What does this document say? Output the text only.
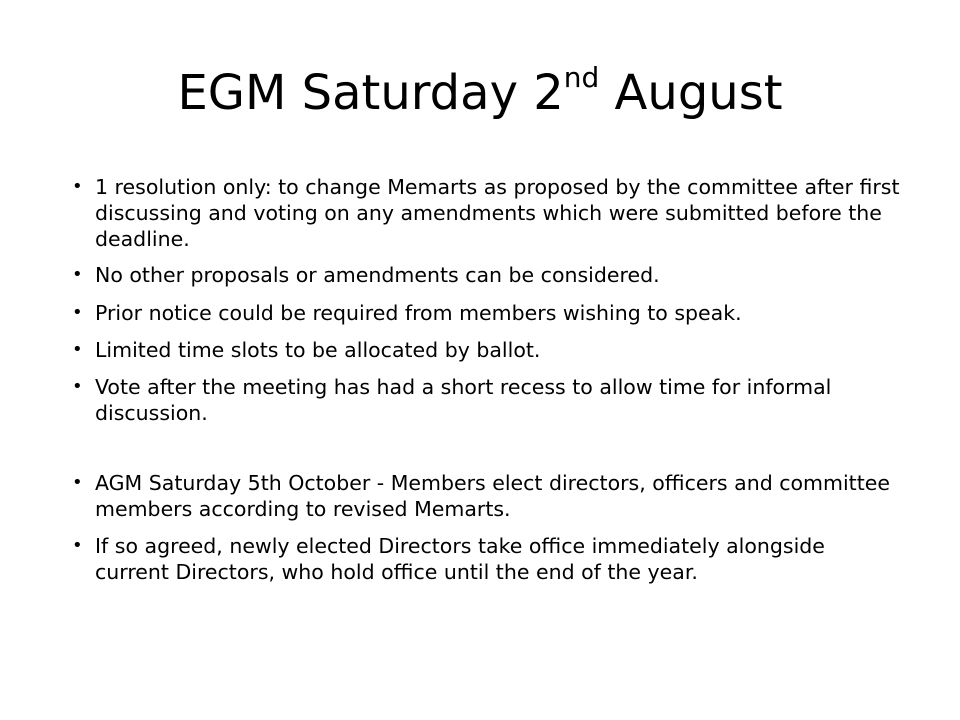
EGM Saturday 2nd August
• 1 resolution only: to change Memarts as proposed by the committee after first discussing and voting on any amendments which were submitted before the deadline.
• No other proposals or amendments can be considered.
• Prior notice could be required from members wishing to speak.
• Limited time slots to be allocated by ballot.
• Vote after the meeting has had a short recess to allow time for informal discussion.
• AGM Saturday 5th October - Members elect directors, officers and committee members according to revised Memarts.
• If so agreed, newly elected Directors take office immediately alongside current Directors, who hold office until the end of the year.
